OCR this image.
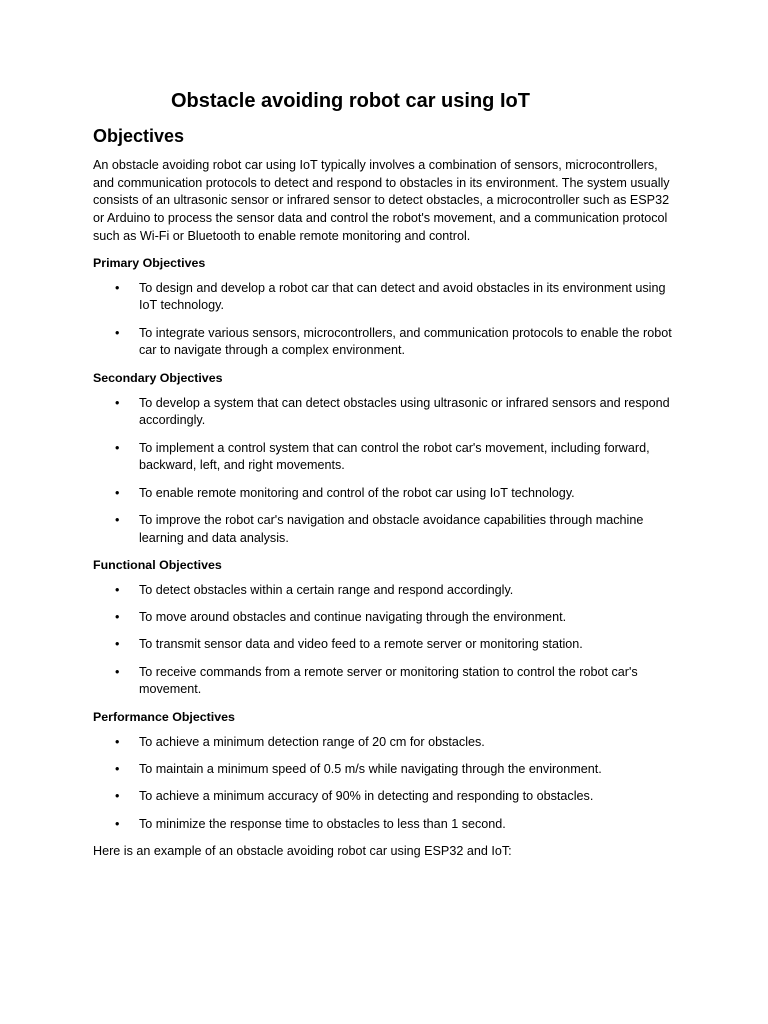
Obstacle avoiding robot car using IoT
Objectives

An obstacle avoiding robot car using IoT typically involves a combination of sensors, microcontrollers, and communication protocols to detect and respond to obstacles in its environment. The system usually consists of an ultrasonic sensor or infrared sensor to detect obstacles, a microcontroller such as ESP32 or Arduino to process the sensor data and control the robot's movement, and a communication protocol such as Wi-Fi or Bluetooth to enable remote monitoring and control.

Primary Objectives
• To design and develop a robot car that can detect and avoid obstacles in its environment using IoT technology.
• To integrate various sensors, microcontrollers, and communication protocols to enable the robot car to navigate through a complex environment.
Secondary Objectives
• To develop a system that can detect obstacles using ultrasonic or infrared sensors and respond accordingly.
• To implement a control system that can control the robot car's movement, including forward, backward, left, and right movements.
• To enable remote monitoring and control of the robot car using IoT technology.
• To improve the robot car's navigation and obstacle avoidance capabilities through machine learning and data analysis.
Functional Objectives
• To detect obstacles within a certain range and respond accordingly.
• To move around obstacles and continue navigating through the environment.
• To transmit sensor data and video feed to a remote server or monitoring station.
• To receive commands from a remote server or monitoring station to control the robot car's movement.
Performance Objectives
• To achieve a minimum detection range of 20 cm for obstacles.
• To maintain a minimum speed of 0.5 m/s while navigating through the environment.
• To achieve a minimum accuracy of 90% in detecting and responding to obstacles.
• To minimize the response time to obstacles to less than 1 second.

Here is an example of an obstacle avoiding robot car using ESP32 and IoT:
